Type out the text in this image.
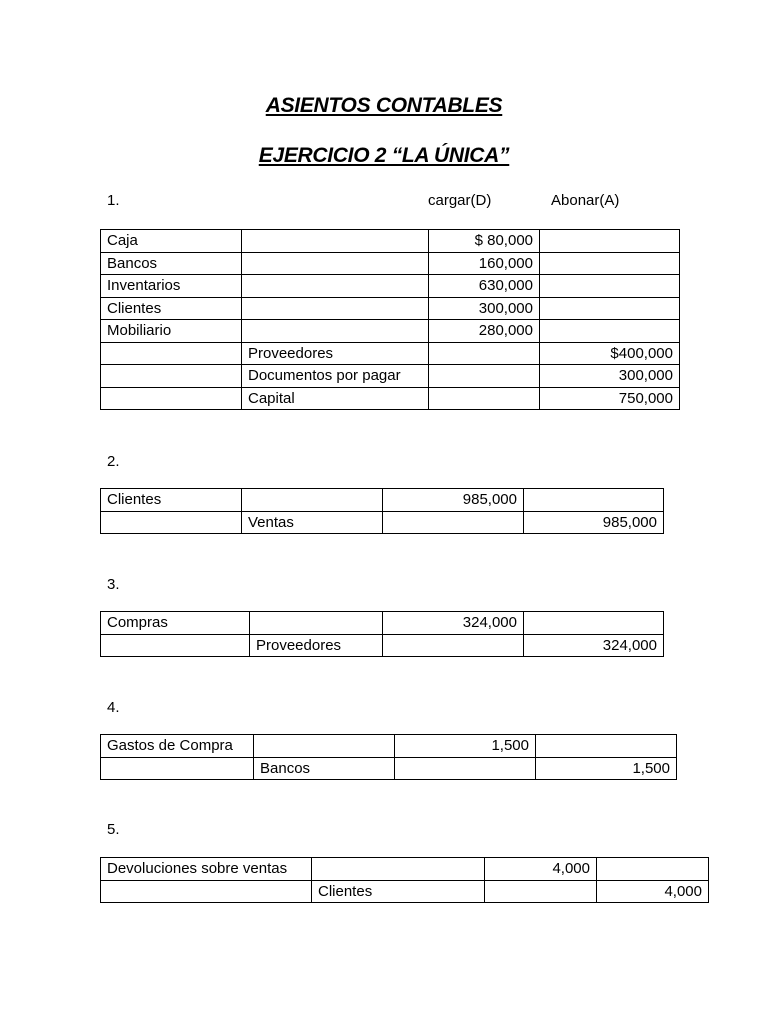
ASIENTOS CONTABLES
EJERCICIO 2 “LA ÚNICA”
1.	cargar(D)	Abonar(A)
Caja		$ 80,000	
Bancos		160,000	
Inventarios		630,000	
Clientes		300,000	
Mobiliario		280,000	
	Proveedores		$400,000
	Documentos por pagar		300,000
	Capital		750,000
2.
Clientes		985,000	
	Ventas		985,000
3.
Compras		324,000	
	Proveedores		324,000
4.
Gastos de Compra		1,500	
	Bancos		1,500
5.
Devoluciones sobre ventas		4,000	
	Clientes		4,000
